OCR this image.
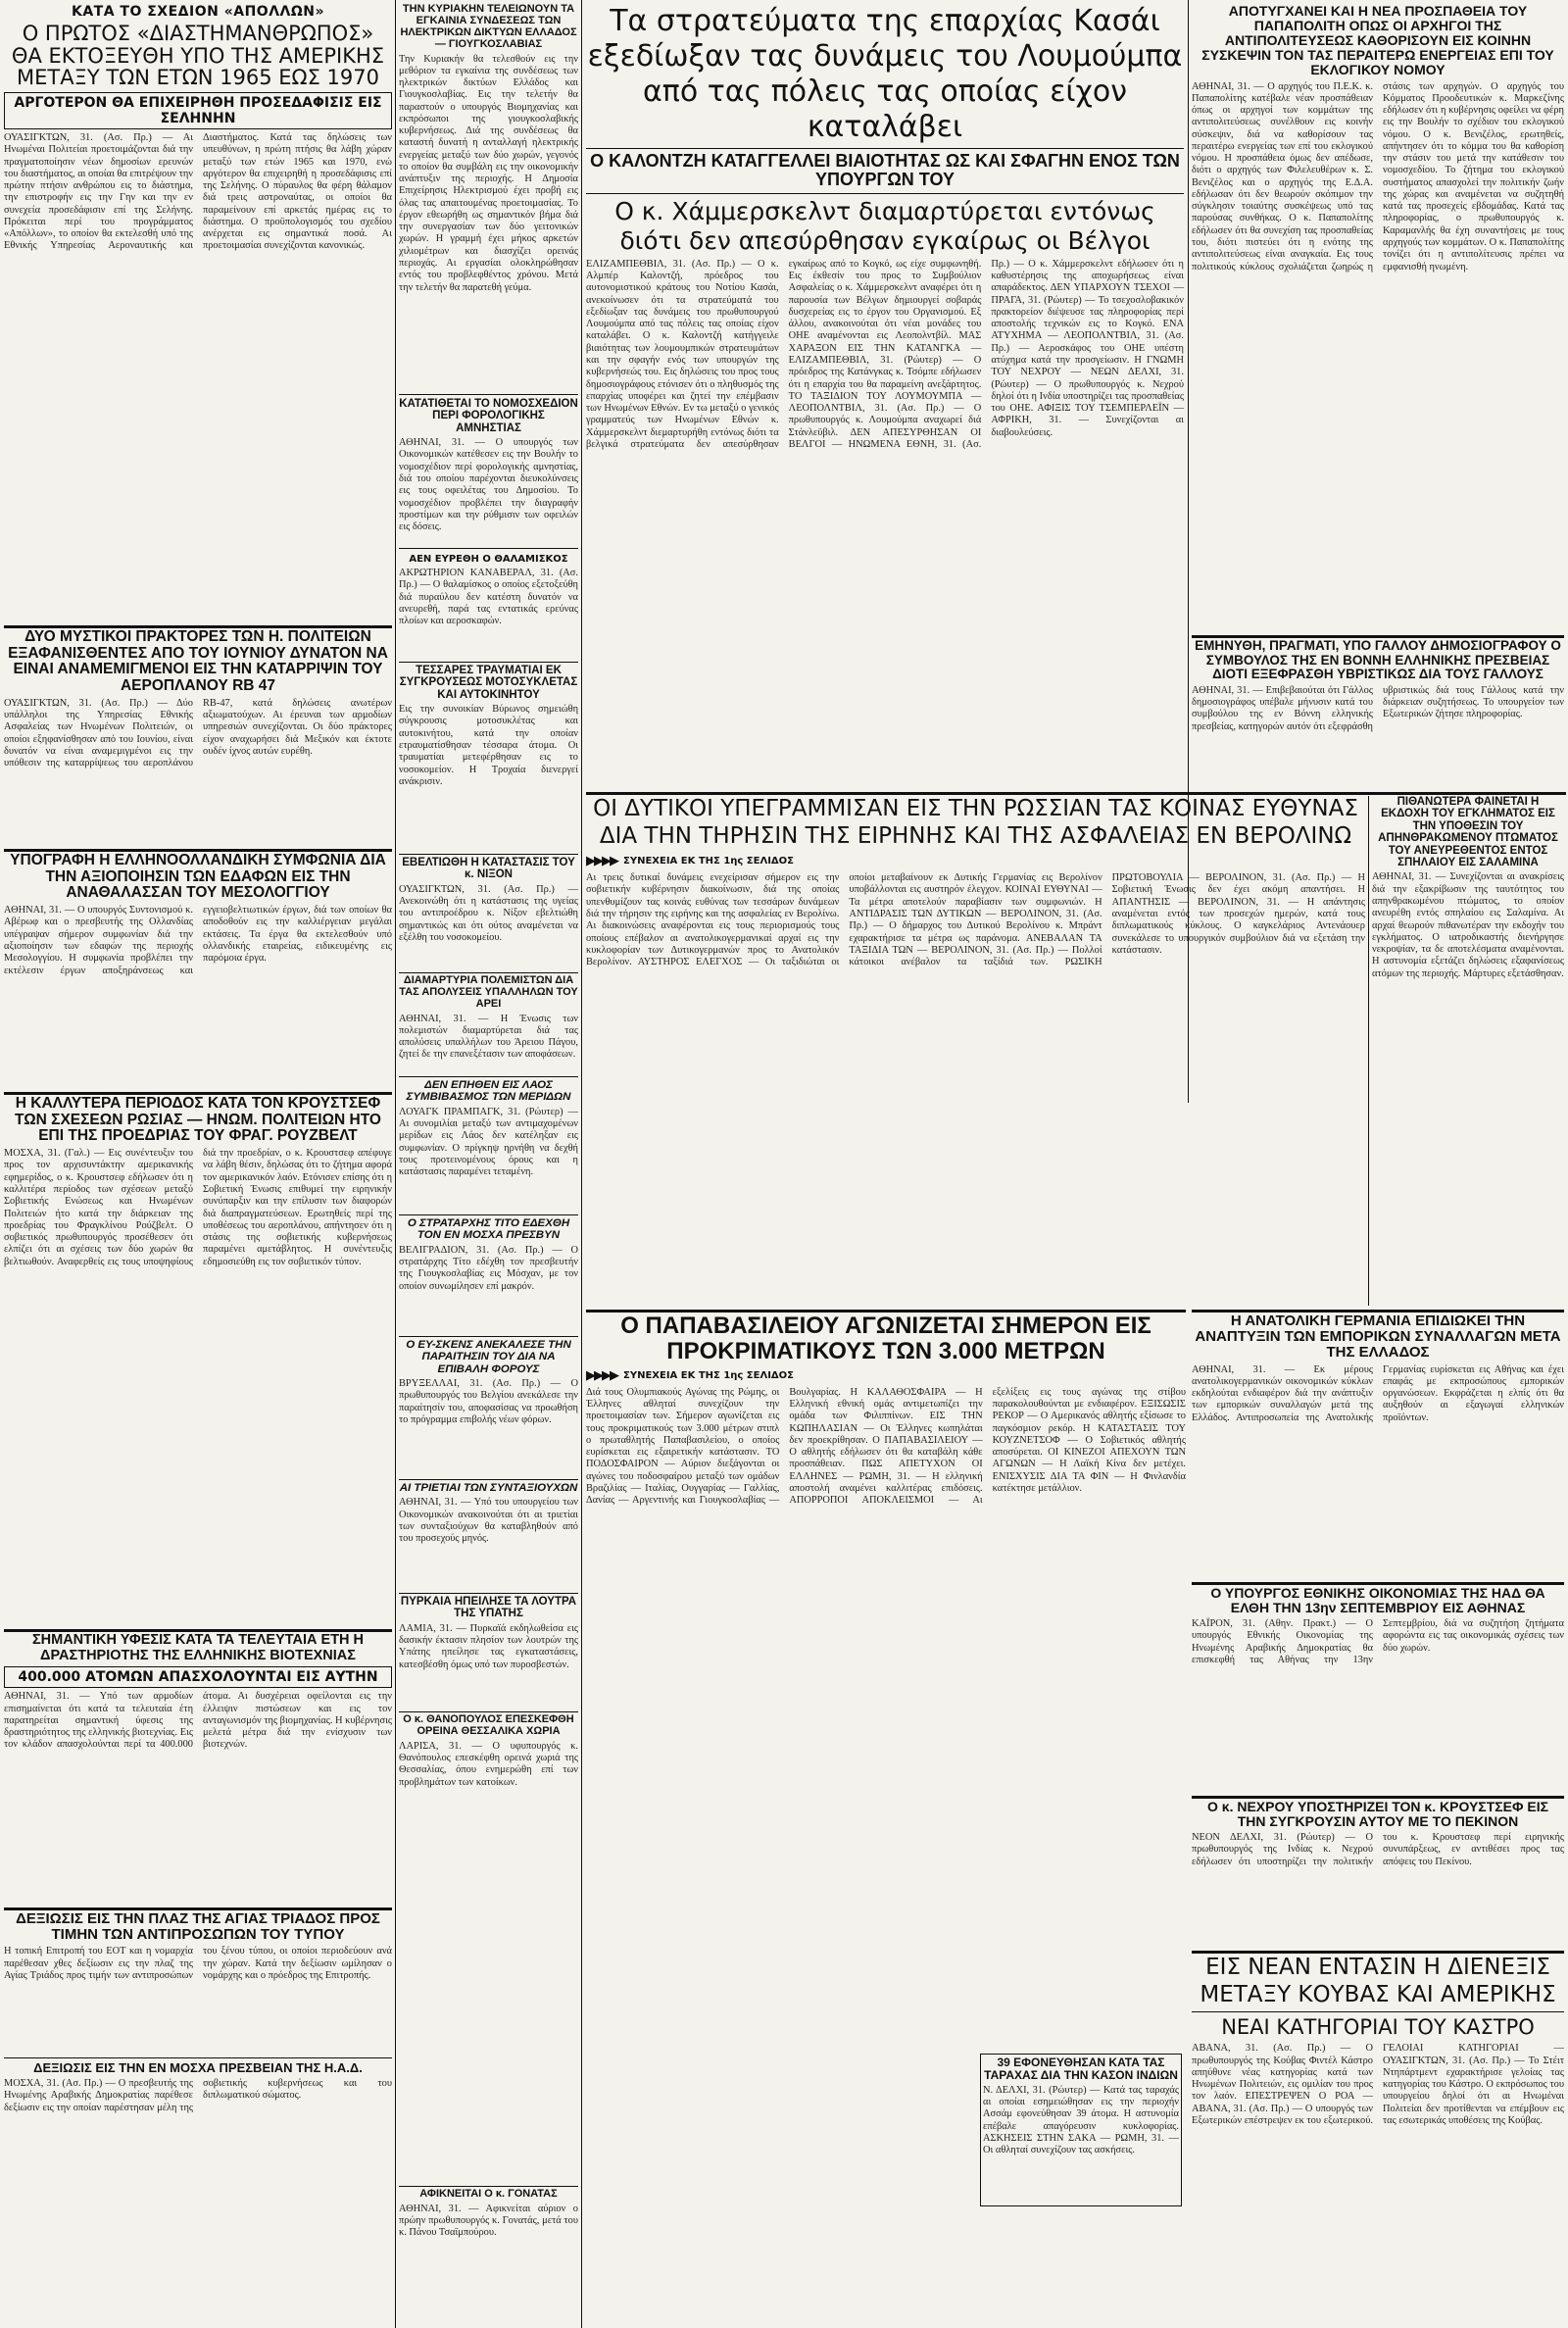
ΚΑΤΑ ΤΟ ΣΧΕΔΙΟΝ «ΑΠΟΛΛΩΝ»
Ο ΠΡΩΤΟΣ «ΔΙΑΣΤΗΜΑΝΘΡΩΠΟΣ» ΘΑ ΕΚΤΟΞΕΥΘΗ ΥΠΟ ΤΗΣ ΑΜΕΡΙΚΗΣ ΜΕΤΑΞΥ ΤΩΝ ΕΤΩΝ 1965 ΕΩΣ 1970
ΑΡΓΟΤΕΡΟΝ ΘΑ ΕΠΙΧΕΙΡΗΘΗ ΠΡΟΣΕΔΑΦΙΣΙΣ ΕΙΣ ΣΕΛΗΝΗΝ

ΟΥΑΣΙΓΚΤΩΝ, 31. (Ασ. Πρ.) — Αι Ηνωμέναι Πολιτείαι προετοιμάζονται διά την πραγματοποίησιν νέων δημοσίων ερευνών του διαστήματος, αι οποίαι θα επιτρέψουν την πρώτην πτήσιν ανθρώπου εις το διάστημα, την επιστροφήν εις την Γην και την εν συνεχεία προσεδάφισιν επί της Σελήνης. Πρόκειται περί του προγράμματος «Απόλλων», το οποίον θα εκτελεσθή υπό της Εθνικής Υπηρεσίας Αεροναυτικής και Διαστήματος. Κατά τας δηλώσεις των υπευθύνων, η πρώτη πτήσις θα λάβη χώραν μεταξύ των ετών 1965 και 1970, ενώ αργότερον θα επιχειρηθή η προσεδάφισις επί της Σελήνης. Ο πύραυλος θα φέρη θάλαμον διά τρεις αστροναύτας, οι οποίοι θα παραμείνουν επί αρκετάς ημέρας εις το διάστημα. Ο προϋπολογισμός του σχεδίου ανέρχεται εις σημαντικά ποσά. Αι προετοιμασίαι συνεχίζονται κανονικώς.

ΔΥΟ ΜΥΣΤΙΚΟΙ ΠΡΑΚΤΟΡΕΣ ΤΩΝ Η. ΠΟΛΙΤΕΙΩΝ ΕΞΑΦΑΝΙΣΘΕΝΤΕΣ ΑΠΟ ΤΟΥ ΙΟΥΝΙΟΥ ΔΥΝΑΤΟΝ ΝΑ ΕΙΝΑΙ ΑΝΑΜΕΜΙΓΜΕΝΟΙ ΕΙΣ ΤΗΝ ΚΑΤΑΡΡΙΨΙΝ ΤΟΥ ΑΕΡΟΠΛΑΝΟΥ RB 47

ΟΥΑΣΙΓΚΤΩΝ, 31. (Ασ. Πρ.) — Δύο υπάλληλοι της Υπηρεσίας Εθνικής Ασφαλείας των Ηνωμένων Πολιτειών, οι οποίοι εξηφανίσθησαν από του Ιουνίου, είναι δυνατόν να είναι αναμεμιγμένοι εις την υπόθεσιν της καταρρίψεως του αεροπλάνου RB-47, κατά δηλώσεις ανωτέρων αξιωματούχων. Αι έρευναι των αρμοδίων υπηρεσιών συνεχίζονται. Οι δύο πράκτορες είχον αναχωρήσει διά Μεξικόν και έκτοτε ουδέν ίχνος αυτών ευρέθη.

ΥΠΟΓΡΑΦΗ Η ΕΛΛΗΝΟΟΛΛΑΝΔΙΚΗ ΣΥΜΦΩΝΙΑ ΔΙΑ ΤΗΝ ΑΞΙΟΠΟΙΗΣΙΝ ΤΩΝ ΕΔΑΦΩΝ ΕΙΣ ΤΗΝ ΑΝΑΘΑΛΑΣΣΑΝ ΤΟΥ ΜΕΣΟΛΟΓΓΙΟΥ

ΑΘΗΝΑΙ, 31. — Ο υπουργός Συντονισμού κ. Αβέρωφ και ο πρεσβευτής της Ολλανδίας υπέγραψαν σήμερον συμφωνίαν διά την αξιοποίησιν των εδαφών της περιοχής Μεσολογγίου. Η συμφωνία προβλέπει την εκτέλεσιν έργων αποξηράνσεως και εγγειοβελτιωτικών έργων, διά των οποίων θα αποδοθούν εις την καλλιέργειαν μεγάλαι εκτάσεις. Τα έργα θα εκτελεσθούν υπό ολλανδικής εταιρείας, ειδικευμένης εις παρόμοια έργα.

Η ΚΑΛΛΥΤΕΡΑ ΠΕΡΙΟΔΟΣ ΚΑΤΑ ΤΟΝ ΚΡΟΥΣΤΣΕΦ ΤΩΝ ΣΧΕΣΕΩΝ ΡΩΣΙΑΣ — ΗΝΩΜ. ΠΟΛΙΤΕΙΩΝ ΗΤΟ ΕΠΙ ΤΗΣ ΠΡΟΕΔΡΙΑΣ ΤΟΥ ΦΡΑΓ. ΡΟΥΖΒΕΛΤ

ΜΟΣΧΑ, 31. (Γαλ.) — Εις συνέντευξιν του προς τον αρχισυντάκτην αμερικανικής εφημερίδος, ο κ. Κρουστσεφ εδήλωσεν ότι η καλλιτέρα περίοδος των σχέσεων μεταξύ Σοβιετικής Ενώσεως και Ηνωμένων Πολιτειών ήτο κατά την διάρκειαν της προεδρίας του Φραγκλίνου Ρούζβελτ. Ο σοβιετικός πρωθυπουργός προσέθεσεν ότι ελπίζει ότι αι σχέσεις των δύο χωρών θα βελτιωθούν. Αναφερθείς εις τους υποψηφίους διά την προεδρίαν, ο κ. Κρουστσεφ απέφυγε να λάβη θέσιν, δηλώσας ότι το ζήτημα αφορά τον αμερικανικόν λαόν. Ετόνισεν επίσης ότι η Σοβιετική Ένωσις επιθυμεί την ειρηνικήν συνύπαρξιν και την επίλυσιν των διαφορών διά διαπραγματεύσεων. Ερωτηθείς περί της υποθέσεως του αεροπλάνου, απήντησεν ότι η στάσις της σοβιετικής κυβερνήσεως παραμένει αμετάβλητος. Η συνέντευξις εδημοσιεύθη εις τον σοβιετικόν τύπον.

ΣΗΜΑΝΤΙΚΗ ΥΦΕΣΙΣ ΚΑΤΑ ΤΑ ΤΕΛΕΥΤΑΙΑ ΕΤΗ Η ΔΡΑΣΤΗΡΙΟΤΗΣ ΤΗΣ ΕΛΛΗΝΙΚΗΣ ΒΙΟΤΕΧΝΙΑΣ
400.000 ΑΤΟΜΩΝ ΑΠΑΣΧΟΛΟΥΝΤΑΙ ΕΙΣ ΑΥΤΗΝ

ΑΘΗΝΑΙ, 31. — Υπό των αρμοδίων επισημαίνεται ότι κατά τα τελευταία έτη παρατηρείται σημαντική ύφεσις της δραστηριότητος της ελληνικής βιοτεχνίας. Εις τον κλάδον απασχολούνται περί τα 400.000 άτομα. Αι δυσχέρειαι οφείλονται εις την έλλειψιν πιστώσεων και εις τον ανταγωνισμόν της βιομηχανίας. Η κυβέρνησις μελετά μέτρα διά την ενίσχυσιν των βιοτεχνών.

ΔΕΞΙΩΣΙΣ ΕΙΣ ΤΗΝ ΠΛΑΖ ΤΗΣ ΑΓΙΑΣ ΤΡΙΑΔΟΣ ΠΡΟΣ ΤΙΜΗΝ ΤΩΝ ΑΝΤΙΠΡΟΣΩΠΩΝ ΤΟΥ ΤΥΠΟΥ

Η τοπική Επιτροπή του ΕΟΤ και η νομαρχία παρέθεσαν χθες δεξίωσιν εις την πλαζ της Αγίας Τριάδος προς τιμήν των αντιπροσώπων του ξένου τύπου, οι οποίοι περιοδεύουν ανά την χώραν. Κατά την δεξίωσιν ωμίλησαν ο νομάρχης και ο πρόεδρος της Επιτροπής.

ΔΕΞΙΩΣΙΣ ΕΙΣ ΤΗΝ ΕΝ ΜΟΣΧΑ ΠΡΕΣΒΕΙΑΝ ΤΗΣ Η.Α.Δ.

ΜΟΣΧΑ, 31. (Ασ. Πρ.) — Ο πρεσβευτής της Ηνωμένης Αραβικής Δημοκρατίας παρέθεσε δεξίωσιν εις την οποίαν παρέστησαν μέλη της σοβιετικής κυβερνήσεως και του διπλωματικού σώματος.

ΤΗΝ ΚΥΡΙΑΚΗΝ ΤΕΛΕΙΩΝΟΥΝ ΤΑ ΕΓΚΑΙΝΙΑ ΣΥΝΔΕΣΕΩΣ ΤΩΝ ΗΛΕΚΤΡΙΚΩΝ ΔΙΚΤΥΩΝ ΕΛΛΑΔΟΣ — ΓΙΟΥΓΚΟΣΛΑΒΙΑΣ

Την Κυριακήν θα τελεσθούν εις την μεθόριον τα εγκαίνια της συνδέσεως των ηλεκτρικών δικτύων Ελλάδος και Γιουγκοσλαβίας. Εις την τελετήν θα παραστούν ο υπουργός Βιομηχανίας και εκπρόσωποι της γιουγκοσλαβικής κυβερνήσεως. Διά της συνδέσεως θα καταστή δυνατή η ανταλλαγή ηλεκτρικής ενεργείας μεταξύ των δύο χωρών, γεγονός το οποίον θα συμβάλη εις την οικονομικήν ανάπτυξιν της περιοχής. Η Δημοσία Επιχείρησις Ηλεκτρισμού έχει προβή εις όλας τας απαιτουμένας προετοιμασίας. Το έργον εθεωρήθη ως σημαντικόν βήμα διά την συνεργασίαν των δύο γειτονικών χωρών. Η γραμμή έχει μήκος αρκετών χιλιομέτρων και διασχίζει ορεινάς περιοχάς. Αι εργασίαι ολοκληρώθησαν εντός του προβλεφθέντος χρόνου. Μετά την τελετήν θα παρατεθή γεύμα.

ΚΑΤΑΤΙΘΕΤΑΙ ΤΟ ΝΟΜΟΣΧΕΔΙΟΝ ΠΕΡΙ ΦΟΡΟΛΟΓΙΚΗΣ ΑΜΝΗΣΤΙΑΣ

ΑΘΗΝΑΙ, 31. — Ο υπουργός των Οικονομικών κατέθεσεν εις την Βουλήν το νομοσχέδιον περί φορολογικής αμνηστίας, διά του οποίου παρέχονται διευκολύνσεις εις τους οφειλέτας του Δημοσίου. Το νομοσχέδιον προβλέπει την διαγραφήν προστίμων και την ρύθμισιν των οφειλών εις δόσεις.

ΑΕΝ ΕΥΡΕΘΗ Ο ΘΑΛΑΜΙΣΚΟΣ

ΑΚΡΩΤΗΡΙΟΝ ΚΑΝΑΒΕΡΑΛ, 31. (Ασ. Πρ.) — Ο θαλαμίσκος ο οποίος εξετοξεύθη διά πυραύλου δεν κατέστη δυνατόν να ανευρεθή, παρά τας εντατικάς ερεύνας πλοίων και αεροσκαφών.

ΤΕΣΣΑΡΕΣ ΤΡΑΥΜΑΤΙΑΙ ΕΚ ΣΥΓΚΡΟΥΣΕΩΣ ΜΟΤΟΣΥΚΛΕΤΑΣ ΚΑΙ ΑΥΤΟΚΙΝΗΤΟΥ

Εις την συνοικίαν Βύρωνος σημειώθη σύγκρουσις μοτοσυκλέτας και αυτοκινήτου, κατά την οποίαν ετραυματίσθησαν τέσσαρα άτομα. Οι τραυματίαι μετεφέρθησαν εις το νοσοκομείον. Η Τροχαία διενεργεί ανάκρισιν.

ΕΒΕΛΤΙΩΘΗ Η ΚΑΤΑΣΤΑΣΙΣ ΤΟΥ κ. ΝΙΞΟΝ

ΟΥΑΣΙΓΚΤΩΝ, 31. (Ασ. Πρ.) — Ανεκοινώθη ότι η κατάστασις της υγείας του αντιπροέδρου κ. Νίξον εβελτιώθη σημαντικώς και ότι ούτος αναμένεται να εξέλθη του νοσοκομείου.

ΔΙΑΜΑΡΤΥΡΙΑ ΠΟΛΕΜΙΣΤΩΝ ΔΙΑ ΤΑΣ ΑΠΟΛΥΣΕΙΣ ΥΠΑΛΛΗΛΩΝ ΤΟΥ ΑΡΕΙ

ΑΘΗΝΑΙ, 31. — Η Ένωσις των πολεμιστών διαμαρτύρεται διά τας απολύσεις υπαλλήλων του Άρειου Πάγου, ζητεί δε την επανεξέτασιν των αποφάσεων.

ΔΕΝ ΕΠΗΘΕΝ ΕΙΣ ΛΑΟΣ ΣΥΜΒΙΒΑΣΜΟΣ ΤΩΝ ΜΕΡΙΔΩΝ

ΛΟΥΑΓΚ ΠΡΑΜΠΑΓΚ, 31. (Ρώυτερ) — Αι συνομιλίαι μεταξύ των αντιμαχομένων μερίδων εις Λάος δεν κατέληξαν εις συμφωνίαν. Ο πρίγκηψ ηρνήθη να δεχθή τους προτεινομένους όρους και η κατάστασις παραμένει τεταμένη.

Ο ΣΤΡΑΤΑΡΧΗΣ ΤΙΤΟ ΕΔΕΧΘΗ ΤΟΝ ΕΝ ΜΟΣΧΑ ΠΡΕΣΒΥΝ

ΒΕΛΙΓΡΑΔΙΟΝ, 31. (Ασ. Πρ.) — Ο στρατάρχης Τίτο εδέχθη τον πρεσβευτήν της Γιουγκοσλαβίας εις Μόσχαν, με τον οποίον συνωμίλησεν επί μακρόν.

Ο ΕΥ-ΣΚΕΝΣ ΑΝΕΚΑΛΕΣΕ ΤΗΝ ΠΑΡΑΙΤΗΣΙΝ ΤΟΥ ΔΙΑ ΝΑ ΕΠΙΒΑΛΗ ΦΟΡΟΥΣ

ΒΡΥΞΕΛΛΑΙ, 31. (Ασ. Πρ.) — Ο πρωθυπουργός του Βελγίου ανεκάλεσε την παραίτησίν του, αποφασίσας να προωθήση το πρόγραμμα επιβολής νέων φόρων.

ΑΙ ΤΡΙΕΤΙΑΙ ΤΩΝ ΣΥΝΤΑΞΙΟΥΧΩΝ

ΑΘΗΝΑΙ, 31. — Υπό του υπουργείου των Οικονομικών ανακοινούται ότι αι τριετίαι των συνταξιούχων θα καταβληθούν από του προσεχούς μηνός.

ΠΥΡΚΑΪΑ ΗΠΕΙΛΗΣΕ ΤΑ ΛΟΥΤΡΑ ΤΗΣ ΥΠΑΤΗΣ

ΛΑΜΙΑ, 31. — Πυρκαϊά εκδηλωθείσα εις δασικήν έκτασιν πλησίον των λουτρών της Υπάτης ηπείλησε τας εγκαταστάσεις, κατεσβέσθη όμως υπό των πυροσβεστών.

Ο κ. ΘΑΝΟΠΟΥΛΟΣ ΕΠΕΣΚΕΦΘΗ ΟΡΕΙΝΑ ΘΕΣΣΑΛΙΚΑ ΧΩΡΙΑ

ΛΑΡΙΣΑ, 31. — Ο υφυπουργός κ. Θανόπουλος επεσκέφθη ορεινά χωριά της Θεσσαλίας, όπου ενημερώθη επί των προβλημάτων των κατοίκων.

ΑΦΙΚΝΕΙΤΑΙ Ο κ. ΓΟΝΑΤΑΣ

ΑΘΗΝΑΙ, 31. — Αφικνείται αύριον ο πρώην πρωθυπουργός κ. Γονατάς, μετά του κ. Πάνου Τσαϊμπούρου.

Τα στρατεύματα της επαρχίας Κασάι εξεδίωξαν τας δυνάμεις του Λουμούμπα από τας πόλεις τας οποίας είχον καταλάβει
Ο ΚΑΛΟΝΤΖΗ ΚΑΤΑΓΓΕΛΛΕΙ ΒΙΑΙΟΤΗΤΑΣ ΩΣ ΚΑΙ ΣΦΑΓΗΝ ΕΝΟΣ ΤΩΝ ΥΠΟΥΡΓΩΝ ΤΟΥ
Ο κ. Χάμμερσκελντ διαμαρτύρεται εντόνως διότι δεν απεσύρθησαν εγκαίρως οι Βέλγοι

ΕΛΙΖΑΜΠΕΘΒΙΛ, 31. (Ασ. Πρ.) — Ο κ. Αλμπέρ Καλοντζή, πρόεδρος του αυτονομιστικού κράτους του Νοτίου Κασάι, ανεκοίνωσεν ότι τα στρατεύματά του εξεδίωξαν τας δυνάμεις του πρωθυπουργού Λουμούμπα από τας πόλεις τας οποίας είχον καταλάβει. Ο κ. Καλοντζή κατήγγειλε βιαιότητας των λουμουμπικών στρατευμάτων και την σφαγήν ενός των υπουργών της κυβερνήσεώς του. Εις δηλώσεις του προς τους δημοσιογράφους ετόνισεν ότι ο πληθυσμός της επαρχίας υποφέρει και ζητεί την επέμβασιν των Ηνωμένων Εθνών. Εν τω μεταξύ ο γενικός γραμματεύς των Ηνωμένων Εθνών κ. Χάμμερσκελντ διεμαρτυρήθη εντόνως διότι τα βελγικά στρατεύματα δεν απεσύρθησαν εγκαίρως από το Κογκό, ως είχε συμφωνηθή. Εις έκθεσίν του προς το Συμβούλιον Ασφαλείας ο κ. Χάμμερσκελντ αναφέρει ότι η παρουσία των Βέλγων δημιουργεί σοβαράς δυσχερείας εις το έργον του Οργανισμού. Εξ άλλου, ανακοινούται ότι νέαι μονάδες του ΟΗΕ αναμένονται εις Λεοπολντβίλ. ΜΑΣ ΧΑΡΑΞΟΝ ΕΙΣ ΤΗΝ ΚΑΤΑΝΓΚΑ — ΕΛΙΖΑΜΠΕΘΒΙΛ, 31. (Ρώυτερ) — Ο πρόεδρος της Κατάνγκας κ. Τσόμπε εδήλωσεν ότι η επαρχία του θα παραμείνη ανεξάρτητος. ΤΟ ΤΑΞΙΔΙΟΝ ΤΟΥ ΛΟΥΜΟΥΜΠΑ — ΛΕΟΠΟΛΝΤΒΙΛ, 31. (Ασ. Πρ.) — Ο πρωθυπουργός κ. Λουμούμπα αναχωρεί διά Στάνλεϋβιλ. ΔΕΝ ΑΠΕΣΥΡΘΗΣΑΝ ΟΙ ΒΕΛΓΟΙ — ΗΝΩΜΕΝΑ ΕΘΝΗ, 31. (Ασ. Πρ.) — Ο κ. Χάμμερσκελντ εδήλωσεν ότι η καθυστέρησις της αποχωρήσεως είναι απαράδεκτος. ΔΕΝ ΥΠΑΡΧΟΥΝ ΤΣΕΧΟΙ — ΠΡΑΓΑ, 31. (Ρώυτερ) — Το τσεχοσλοβακικόν πρακτορείον διέψευσε τας πληροφορίας περί αποστολής τεχνικών εις το Κογκό. ΕΝΑ ΑΤΥΧΗΜΑ — ΛΕΟΠΟΛΝΤΒΙΛ, 31. (Ασ. Πρ.) — Αεροσκάφος του ΟΗΕ υπέστη ατύχημα κατά την προσγείωσιν. Η ΓΝΩΜΗ ΤΟΥ ΝΕΧΡΟΥ — ΝΕΩΝ ΔΕΛΧΙ, 31. (Ρώυτερ) — Ο πρωθυπουργός κ. Νεχρού δηλοί ότι η Ινδία υποστηρίζει τας προσπαθείας του ΟΗΕ. ΑΦΙΞΙΣ ΤΟΥ ΤΣΕΜΠΕΡΛΕΪΝ — ΑΦΡΙΚΗ, 31. — Συνεχίζονται αι διαβουλεύσεις.

ΟΙ ΔΥΤΙΚΟΙ ΥΠΕΓΡΑΜΜΙΣΑΝ ΕΙΣ ΤΗΝ ΡΩΣΣΙΑΝ ΤΑΣ ΚΟΙΝΑΣ ΕΥΘΥΝΑΣ ΔΙΑ ΤΗΝ ΤΗΡΗΣΙΝ ΤΗΣ ΕΙΡΗΝΗΣ ΚΑΙ ΤΗΣ ΑΣΦΑΛΕΙΑΣ ΕΝ ΒΕΡΟΛΙΝΩ
▶▶▶▶ ΣΥΝΕΧΕΙΑ ΕΚ ΤΗΣ 1ης ΣΕΛΙΔΟΣ

Αι τρεις δυτικαί δυνάμεις ενεχείρισαν σήμερον εις την σοβιετικήν κυβέρνησιν διακοίνωσιν, διά της οποίας υπενθυμίζουν τας κοινάς ευθύνας των τεσσάρων δυνάμεων διά την τήρησιν της ειρήνης και της ασφαλείας εν Βερολίνω. Αι διακοινώσεις αναφέρονται εις τους περιορισμούς τους οποίους επέβαλον αι ανατολικογερμανικαί αρχαί εις την κυκλοφορίαν των Δυτικογερμανών προς το Ανατολικόν Βερολίνον. ΑΥΣΤΗΡΟΣ ΕΛΕΓΧΟΣ — Οι ταξιδιώται οι οποίοι μεταβαίνουν εκ Δυτικής Γερμανίας εις Βερολίνον υποβάλλονται εις αυστηρόν έλεγχον. ΚΟΙΝΑΙ ΕΥΘΥΝΑΙ — Τα μέτρα αποτελούν παραβίασιν των συμφωνιών. Η ΑΝΤΙΔΡΑΣΙΣ ΤΩΝ ΔΥΤΙΚΩΝ — ΒΕΡΟΛΙΝΟΝ, 31. (Ασ. Πρ.) — Ο δήμαρχος του Δυτικού Βερολίνου κ. Μπράντ εχαρακτήρισε τα μέτρα ως παράνομα. ΑΝΕΒΑΛΑΝ ΤΑ ΤΑΞΙΔΙΑ ΤΩΝ — ΒΕΡΟΛΙΝΟΝ, 31. (Ασ. Πρ.) — Πολλοί κάτοικοι ανέβαλον τα ταξίδιά των. ΡΩΣΙΚΗ ΠΡΩΤΟΒΟΥΛΙΑ — ΒΕΡΟΛΙΝΟΝ, 31. (Ασ. Πρ.) — Η Σοβιετική Ένωσις δεν έχει ακόμη απαντήσει. Η ΑΠΑΝΤΗΣΙΣ — ΒΕΡΟΛΙΝΟΝ, 31. — Η απάντησις αναμένεται εντός των προσεχών ημερών, κατά τους διπλωματικούς κύκλους. Ο καγκελάριος Αντενάουερ συνεκάλεσε το υπουργικόν συμβούλιον διά να εξετάση την κατάστασιν.

Ο ΠΑΠΑΒΑΣΙΛΕΙΟΥ ΑΓΩΝΙΖΕΤΑΙ ΣΗΜΕΡΟΝ ΕΙΣ ΠΡΟΚΡΙΜΑΤΙΚΟΥΣ ΤΩΝ 3.000 ΜΕΤΡΩΝ
▶▶▶▶ ΣΥΝΕΧΕΙΑ ΕΚ ΤΗΣ 1ης ΣΕΛΙΔΟΣ

Διά τους Ολυμπιακούς Αγώνας της Ρώμης, οι Έλληνες αθληταί συνεχίζουν την προετοιμασίαν των. Σήμερον αγωνίζεται εις τους προκριματικούς των 3.000 μέτρων στιπλ ο πρωταθλητής Παπαβασιλείου, ο οποίος ευρίσκεται εις εξαιρετικήν κατάστασιν. ΤΟ ΠΟΔΟΣΦΑΙΡΟΝ — Αύριον διεξάγονται οι αγώνες του ποδοσφαίρου μεταξύ των ομάδων Βραζιλίας — Ιταλίας, Ουγγαρίας — Γαλλίας, Δανίας — Αργεντινής και Γιουγκοσλαβίας — Βουλγαρίας. Η ΚΑΛΑΘΟΣΦΑΙΡΑ — Η Ελληνική εθνική ομάς αντιμετωπίζει την ομάδα των Φιλιππίνων. ΕΙΣ ΤΗΝ ΚΩΠΗΛΑΣΙΑΝ — Οι Έλληνες κωπηλάται δεν προεκρίθησαν. Ο ΠΑΠΑΒΑΣΙΛΕΙΟΥ — Ο αθλητής εδήλωσεν ότι θα καταβάλη κάθε προσπάθειαν. ΠΩΣ ΑΠΕΤΥΧΟΝ ΟΙ ΕΛΛΗΝΕΣ — ΡΩΜΗ, 31. — Η ελληνική αποστολή αναμένει καλλιτέρας επιδόσεις. ΑΠΟΡΡΟΠΟΙ ΑΠΟΚΛΕΙΣΜΟΙ — Αι εξελίξεις εις τους αγώνας της στίβου παρακολουθούνται με ενδιαφέρον. ΕΞΙΣΩΣΙΣ ΡΕΚΟΡ — Ο Αμερικανός αθλητής εξίσωσε το παγκόσμιον ρεκόρ. Η ΚΑΤΑΣΤΑΣΙΣ ΤΟΥ ΚΟΥΖΝΕΤΣΟΦ — Ο Σοβιετικός αθλητής αποσύρεται. ΟΙ ΚΙΝΕΖΟΙ ΑΠΕΧΟΥΝ ΤΩΝ ΑΓΩΝΩΝ — Η Λαϊκή Κίνα δεν μετέχει. ΕΝΙΣΧΥΣΙΣ ΔΙΑ ΤΑ ΦΙΝ — Η Φινλανδία κατέκτησε μετάλλιον.

39 ΕΦΟΝΕΥΘΗΣΑΝ ΚΑΤΑ ΤΑΣ ΤΑΡΑΧΑΣ ΔΙΑ ΤΗΝ ΚΑΣΟΝ ΙΝΔΙΩΝ

Ν. ΔΕΛΧΙ, 31. (Ρώυτερ) — Κατά τας ταραχάς αι οποίαι εσημειώθησαν εις την περιοχήν Ασσάμ εφονεύθησαν 39 άτομα. Η αστυνομία επέβαλε απαγόρευσιν κυκλοφορίας. ΑΣΚΗΣΕΙΣ ΣΤΗΝ ΣΑΚΑ — ΡΩΜΗ, 31. — Οι αθληταί συνεχίζουν τας ασκήσεις.

ΑΠΟΤΥΓΧΑΝΕΙ ΚΑΙ Η ΝΕΑ ΠΡΟΣΠΑΘΕΙΑ ΤΟΥ ΠΑΠΑΠΟΛΙΤΗ ΟΠΩΣ ΟΙ ΑΡΧΗΓΟΙ ΤΗΣ ΑΝΤΙΠΟΛΙΤΕΥΣΕΩΣ ΚΑΘΟΡΙΣΟΥΝ ΕΙΣ ΚΟΙΝΗΝ ΣΥΣΚΕΨΙΝ ΤΟΝ ΤΑΣ ΠΕΡΑΙΤΕΡΩ ΕΝΕΡΓΕΙΑΣ ΕΠΙ ΤΟΥ ΕΚΛΟΓΙΚΟΥ ΝΟΜΟΥ

ΑΘΗΝΑΙ, 31. — Ο αρχηγός του Π.Ε.Κ. κ. Παπαπολίτης κατέβαλε νέαν προσπάθειαν όπως οι αρχηγοί των κομμάτων της αντιπολιτεύσεως συνέλθουν εις κοινήν σύσκεψιν, διά να καθορίσουν τας περαιτέρω ενεργείας των επί του εκλογικού νόμου. Η προσπάθεια όμως δεν απέδωσε, διότι ο αρχηγός των Φιλελευθέρων κ. Σ. Βενιζέλος και ο αρχηγός της Ε.Δ.Α. εδήλωσαν ότι δεν θεωρούν σκόπιμον την σύγκλησιν τοιαύτης συσκέψεως υπό τας παρούσας συνθήκας. Ο κ. Παπαπολίτης εδήλωσεν ότι θα συνεχίση τας προσπαθείας του, διότι πιστεύει ότι η ενότης της αντιπολιτεύσεως είναι αναγκαία. Εις τους πολιτικούς κύκλους σχολιάζεται ζωηρώς η στάσις των αρχηγών. Ο αρχηγός του Κόμματος Προοδευτικών κ. Μαρκεζίνης εδήλωσεν ότι η κυβέρνησις οφείλει να φέρη εις την Βουλήν το σχέδιον του εκλογικού νόμου. Ο κ. Βενιζέλος, ερωτηθείς, απήντησεν ότι το κόμμα του θα καθορίση την στάσιν του μετά την κατάθεσιν του νομοσχεδίου. Το ζήτημα του εκλογικού συστήματος απασχολεί την πολιτικήν ζωήν της χώρας και αναμένεται να συζητηθή κατά τας προσεχείς εβδομάδας. Κατά τας πληροφορίας, ο πρωθυπουργός κ. Καραμανλής θα έχη συναντήσεις με τους αρχηγούς των κομμάτων. Ο κ. Παπαπολίτης τονίζει ότι η αντιπολίτευσις πρέπει να εμφανισθή ηνωμένη.

ΕΜΗΝΥΘΗ, ΠΡΑΓΜΑΤΙ, ΥΠΟ ΓΑΛΛΟΥ ΔΗΜΟΣΙΟΓΡΑΦΟΥ Ο ΣΥΜΒΟΥΛΟΣ ΤΗΣ ΕΝ ΒΟΝΝΗ ΕΛΛΗΝΙΚΗΣ ΠΡΕΣΒΕΙΑΣ ΔΙΟΤΙ ΕΞΕΦΡΑΣΘΗ ΥΒΡΙΣΤΙΚΩΣ ΔΙΑ ΤΟΥΣ ΓΑΛΛΟΥΣ

ΑΘΗΝΑΙ, 31. — Επιβεβαιούται ότι Γάλλος δημοσιογράφος υπέβαλε μήνυσιν κατά του συμβούλου της εν Βόννη ελληνικής πρεσβείας, κατηγορών αυτόν ότι εξεφράσθη υβριστικώς διά τους Γάλλους κατά την διάρκειαν συζητήσεως. Το υπουργείον των Εξωτερικών ζήτησε πληροφορίας.

ΠΙΘΑΝΩΤΕΡΑ ΦΑΙΝΕΤΑΙ Η ΕΚΔΟΧΗ ΤΟΥ ΕΓΚΛΗΜΑΤΟΣ ΕΙΣ ΤΗΝ ΥΠΟΘΕΣΙΝ ΤΟΥ ΑΠΗΝΘΡΑΚΩΜΕΝΟΥ ΠΤΩΜΑΤΟΣ ΤΟΥ ΑΝΕΥΡΕΘΕΝΤΟΣ ΕΝΤΟΣ ΣΠΗΛΑΙΟΥ ΕΙΣ ΣΑΛΑΜΙΝΑ

ΑΘΗΝΑΙ, 31. — Συνεχίζονται αι ανακρίσεις διά την εξακρίβωσιν της ταυτότητος του απηνθρακωμένου πτώματος, το οποίον ανευρέθη εντός σπηλαίου εις Σαλαμίνα. Αι αρχαί θεωρούν πιθανωτέραν την εκδοχήν του εγκλήματος. Ο ιατροδικαστής διενήργησε νεκροψίαν, τα δε αποτελέσματα αναμένονται. Η αστυνομία εξετάζει δηλώσεις εξαφανίσεως ατόμων της περιοχής. Μάρτυρες εξετάσθησαν.

Η ΑΝΑΤΟΛΙΚΗ ΓΕΡΜΑΝΙΑ ΕΠΙΔΙΩΚΕΙ ΤΗΝ ΑΝΑΠΤΥΞΙΝ ΤΩΝ ΕΜΠΟΡΙΚΩΝ ΣΥΝΑΛΛΑΓΩΝ ΜΕΤΑ ΤΗΣ ΕΛΛΑΔΟΣ

ΑΘΗΝΑΙ, 31. — Εκ μέρους ανατολικογερμανικών οικονομικών κύκλων εκδηλούται ενδιαφέρον διά την ανάπτυξιν των εμπορικών συναλλαγών μετά της Ελλάδος. Αντιπροσωπεία της Ανατολικής Γερμανίας ευρίσκεται εις Αθήνας και έχει επαφάς με εκπροσώπους εμπορικών οργανώσεων. Εκφράζεται η ελπίς ότι θα αυξηθούν αι εξαγωγαί ελληνικών προϊόντων.

Ο ΥΠΟΥΡΓΟΣ ΕΘΝΙΚΗΣ ΟΙΚΟΝΟΜΙΑΣ ΤΗΣ ΗΑΔ ΘΑ ΕΛΘΗ ΤΗΝ 13ην ΣΕΠΤΕΜΒΡΙΟΥ ΕΙΣ ΑΘΗΝΑΣ

ΚΑΪΡΟΝ, 31. (Αθην. Πρακτ.) — Ο υπουργός Εθνικής Οικονομίας της Ηνωμένης Αραβικής Δημοκρατίας θα επισκεφθή τας Αθήνας την 13ην Σεπτεμβρίου, διά να συζητήση ζητήματα αφορώντα εις τας οικονομικάς σχέσεις των δύο χωρών.

Ο κ. ΝΕΧΡΟΥ ΥΠΟΣΤΗΡΙΖΕΙ ΤΟΝ κ. ΚΡΟΥΣΤΣΕΦ ΕΙΣ ΤΗΝ ΣΥΓΚΡΟΥΣΙΝ ΑΥΤΟΥ ΜΕ ΤΟ ΠΕΚΙΝΟΝ

ΝΕΟΝ ΔΕΛΧΙ, 31. (Ρώυτερ) — Ο πρωθυπουργός της Ινδίας κ. Νεχρού εδήλωσεν ότι υποστηρίζει την πολιτικήν του κ. Κρουστσεφ περί ειρηνικής συνυπάρξεως, εν αντιθέσει προς τας απόψεις του Πεκίνου.

ΕΙΣ ΝΕΑΝ ΕΝΤΑΣΙΝ Η ΔΙΕΝΕΞΙΣ ΜΕΤΑΞΥ ΚΟΥΒΑΣ ΚΑΙ ΑΜΕΡΙΚΗΣ
ΝΕΑΙ ΚΑΤΗΓΟΡΙΑΙ ΤΟΥ ΚΑΣΤΡΟ

ΑΒΑΝΑ, 31. (Ασ. Πρ.) — Ο πρωθυπουργός της Κούβας Φιντέλ Κάστρο απηύθυνε νέας κατηγορίας κατά των Ηνωμένων Πολιτειών, εις ομιλίαν του προς τον λαόν. ΕΠΕΣΤΡΕΨΕΝ Ο ΡΟΑ — ΑΒΑΝΑ, 31. (Ασ. Πρ.) — Ο υπουργός των Εξωτερικών επέστρεψεν εκ του εξωτερικού. ΓΕΛΟΙΑΙ ΚΑΤΗΓΟΡΙΑΙ — ΟΥΑΣΙΓΚΤΩΝ, 31. (Ασ. Πρ.) — Το Στέιτ Ντηπάρτμεντ εχαρακτήρισε γελοίας τας κατηγορίας του Κάστρο. Ο εκπρόσωπος του υπουργείου δηλοί ότι αι Ηνωμέναι Πολιτείαι δεν προτίθενται να επέμβουν εις τας εσωτερικάς υποθέσεις της Κούβας.
